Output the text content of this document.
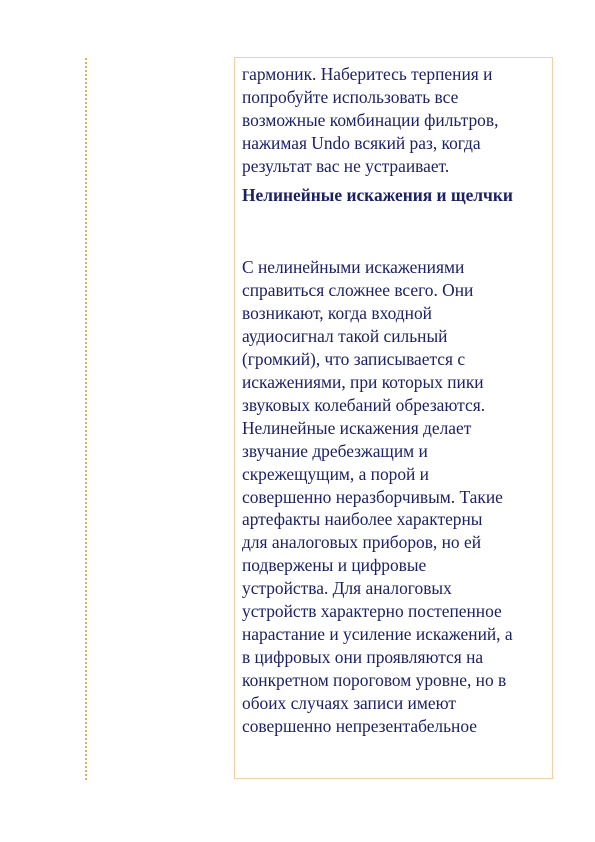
гармоник. Наберитесь терпения и
попробуйте использовать все
возможные комбинации фильтров,
нажимая Undo всякий раз, когда
результат вас не устраивает.
Нелинейные искажения и щелчки
С нелинейными искажениями
справиться сложнее всего. Они
возникают, когда входной
аудиосигнал такой сильный
(громкий), что записывается с
искажениями, при которых пики
звуковых колебаний обрезаются.
Нелинейные искажения делает
звучание дребезжащим и
скрежещущим, а порой и
совершенно неразборчивым. Такие
артефакты наиболее характерны
для аналоговых приборов, но ей
подвержены и цифровые
устройства. Для аналоговых
устройств характерно постепенное
нарастание и усиление искажений, а
в цифровых они проявляются на
конкретном пороговом уровне, но в
обоих случаях записи имеют
совершенно непрезентабельное
